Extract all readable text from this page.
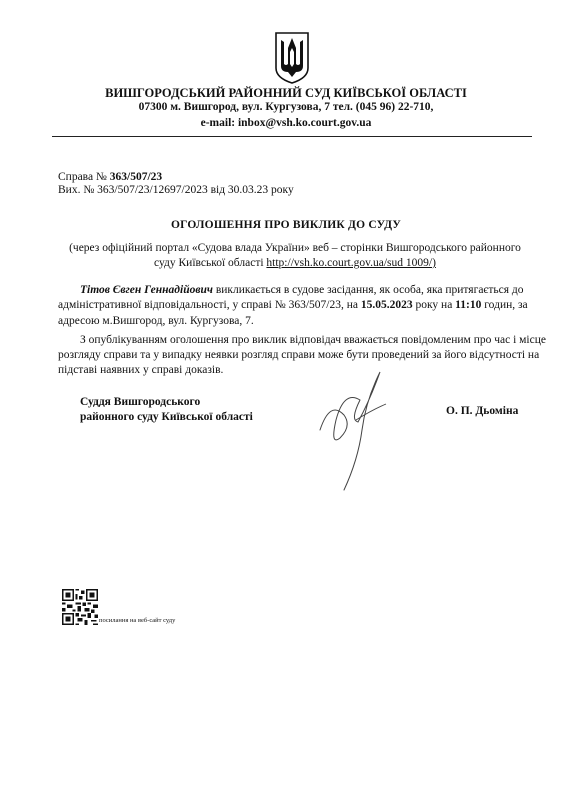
ВИШГОРОДСЬКИЙ РАЙОННИЙ СУД КИЇВСЬКОЇ ОБЛАСТІ
07300 м. Вишгород, вул. Кургузова, 7 тел. (045 96) 22-710,
e-mail: inbox@vsh.ko.court.gov.ua
Справа № 363/507/23
Вих. № 363/507/23/12697/2023 від 30.03.23 року
ОГОЛОШЕННЯ ПРО ВИКЛИК ДО СУДУ
(через офіційний портал «Судова влада України» веб – сторінки Вишгородського районного
суду Київської області http://vsh.ko.court.gov.ua/sud 1009/)
Тітов Євген Геннадійович викликається в судове засідання, як особа, яка притягається до
адміністративної відповідальності, у справі № 363/507/23, на 15.05.2023 року на 11:10 годин, за
адресою м.Вишгород, вул. Кургузова, 7.
З опублікуванням оголошення про виклик відповідач вважається повідомленим про час і місце
розгляду справи та у випадку неявки розгляд справи може бути проведений за його відсутності на
підставі наявних у справі доказів.
Суддя Вишгородського
районного суду Київської області	О. П. Дьоміна
посилання на веб-сайт суду
